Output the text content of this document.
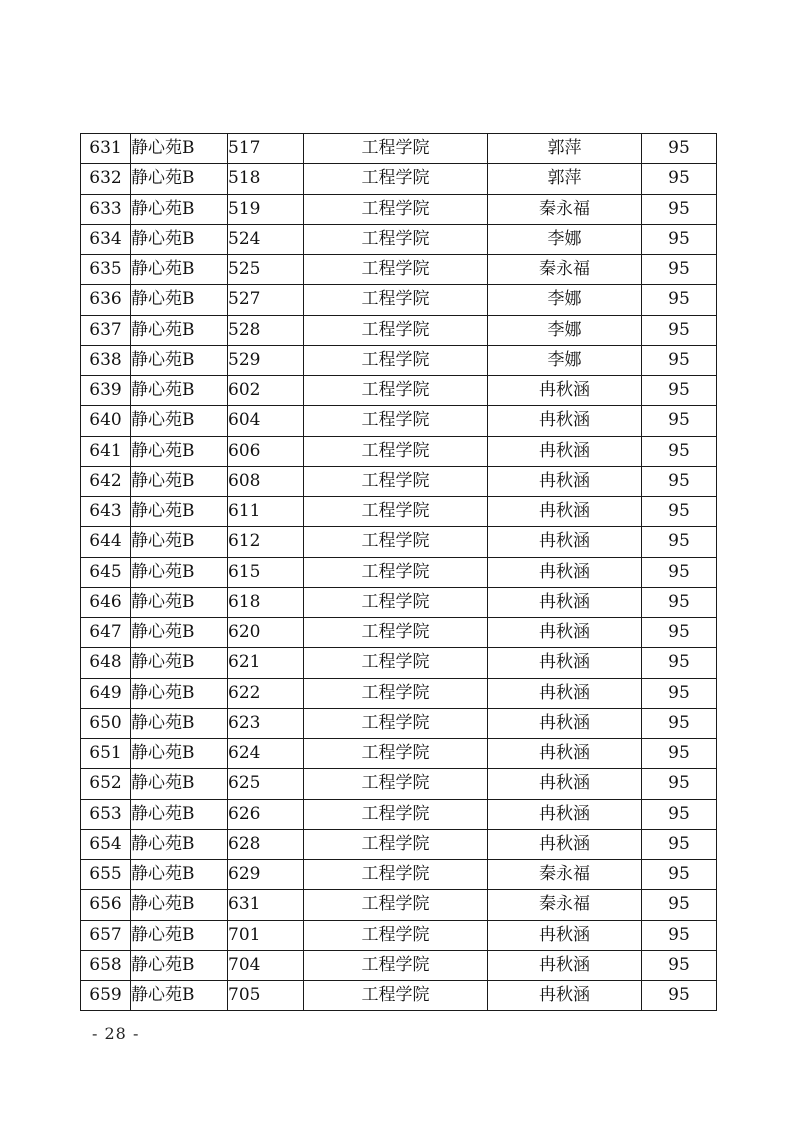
631	静心苑B	517	工程学院	郭萍	95
632	静心苑B	518	工程学院	郭萍	95
633	静心苑B	519	工程学院	秦永福	95
634	静心苑B	524	工程学院	李娜	95
635	静心苑B	525	工程学院	秦永福	95
636	静心苑B	527	工程学院	李娜	95
637	静心苑B	528	工程学院	李娜	95
638	静心苑B	529	工程学院	李娜	95
639	静心苑B	602	工程学院	冉秋涵	95
640	静心苑B	604	工程学院	冉秋涵	95
641	静心苑B	606	工程学院	冉秋涵	95
642	静心苑B	608	工程学院	冉秋涵	95
643	静心苑B	611	工程学院	冉秋涵	95
644	静心苑B	612	工程学院	冉秋涵	95
645	静心苑B	615	工程学院	冉秋涵	95
646	静心苑B	618	工程学院	冉秋涵	95
647	静心苑B	620	工程学院	冉秋涵	95
648	静心苑B	621	工程学院	冉秋涵	95
649	静心苑B	622	工程学院	冉秋涵	95
650	静心苑B	623	工程学院	冉秋涵	95
651	静心苑B	624	工程学院	冉秋涵	95
652	静心苑B	625	工程学院	冉秋涵	95
653	静心苑B	626	工程学院	冉秋涵	95
654	静心苑B	628	工程学院	冉秋涵	95
655	静心苑B	629	工程学院	秦永福	95
656	静心苑B	631	工程学院	秦永福	95
657	静心苑B	701	工程学院	冉秋涵	95
658	静心苑B	704	工程学院	冉秋涵	95
659	静心苑B	705	工程学院	冉秋涵	95
- 28 -
